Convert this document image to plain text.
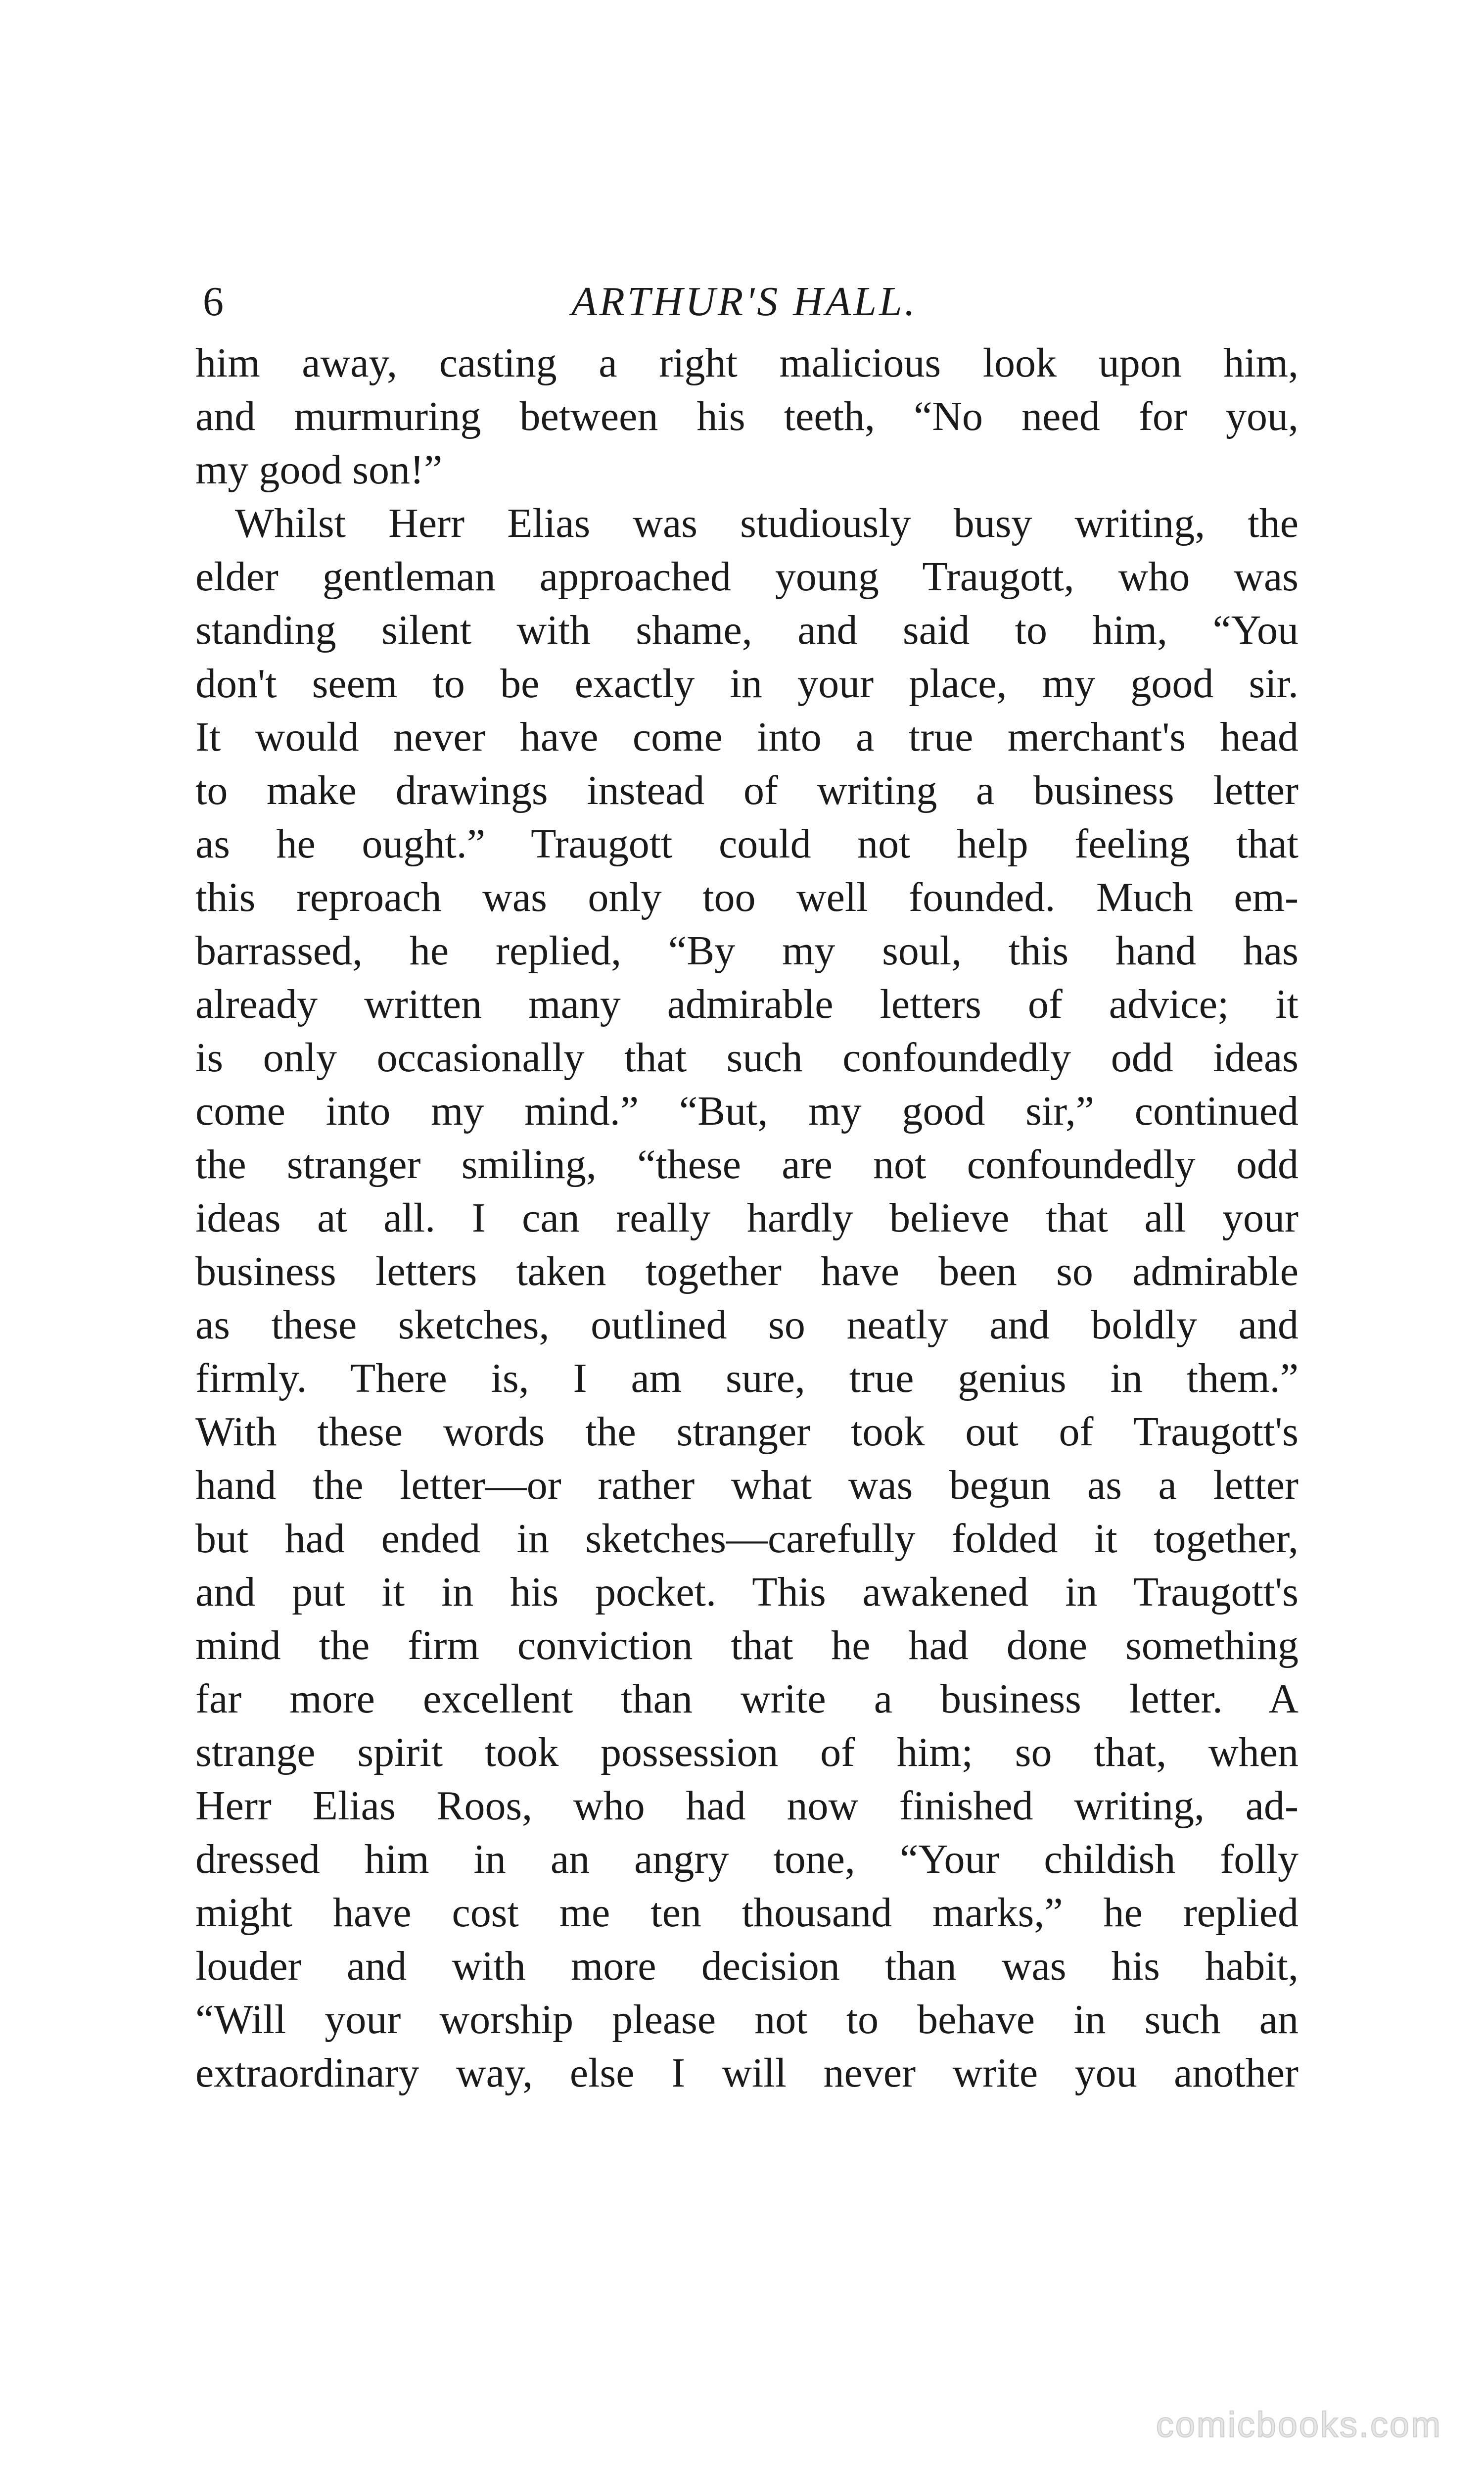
6	ARTHUR'S HALL.
him away, casting a right malicious look upon him,
and murmuring between his teeth, “No need for you,
my good son!”
Whilst Herr Elias was studiously busy writing, the
elder gentleman approached young Traugott, who was
standing silent with shame, and said to him, “You
don't seem to be exactly in your place, my good sir.
It would never have come into a true merchant's head
to make drawings instead of writing a business letter
as he ought.” Traugott could not help feeling that
this reproach was only too well founded. Much em-
barrassed, he replied, “By my soul, this hand has
already written many admirable letters of advice; it
is only occasionally that such confoundedly odd ideas
come into my mind.” “But, my good sir,” continued
the stranger smiling, “these are not confoundedly odd
ideas at all. I can really hardly believe that all your
business letters taken together have been so admirable
as these sketches, outlined so neatly and boldly and
firmly. There is, I am sure, true genius in them.”
With these words the stranger took out of Traugott's
hand the letter—or rather what was begun as a letter
but had ended in sketches—carefully folded it together,
and put it in his pocket. This awakened in Traugott's
mind the firm conviction that he had done something
far more excellent than write a business letter. A
strange spirit took possession of him; so that, when
Herr Elias Roos, who had now finished writing, ad-
dressed him in an angry tone, “Your childish folly
might have cost me ten thousand marks,” he replied
louder and with more decision than was his habit,
“Will your worship please not to behave in such an
extraordinary way, else I will never write you another
comicbooks.com
